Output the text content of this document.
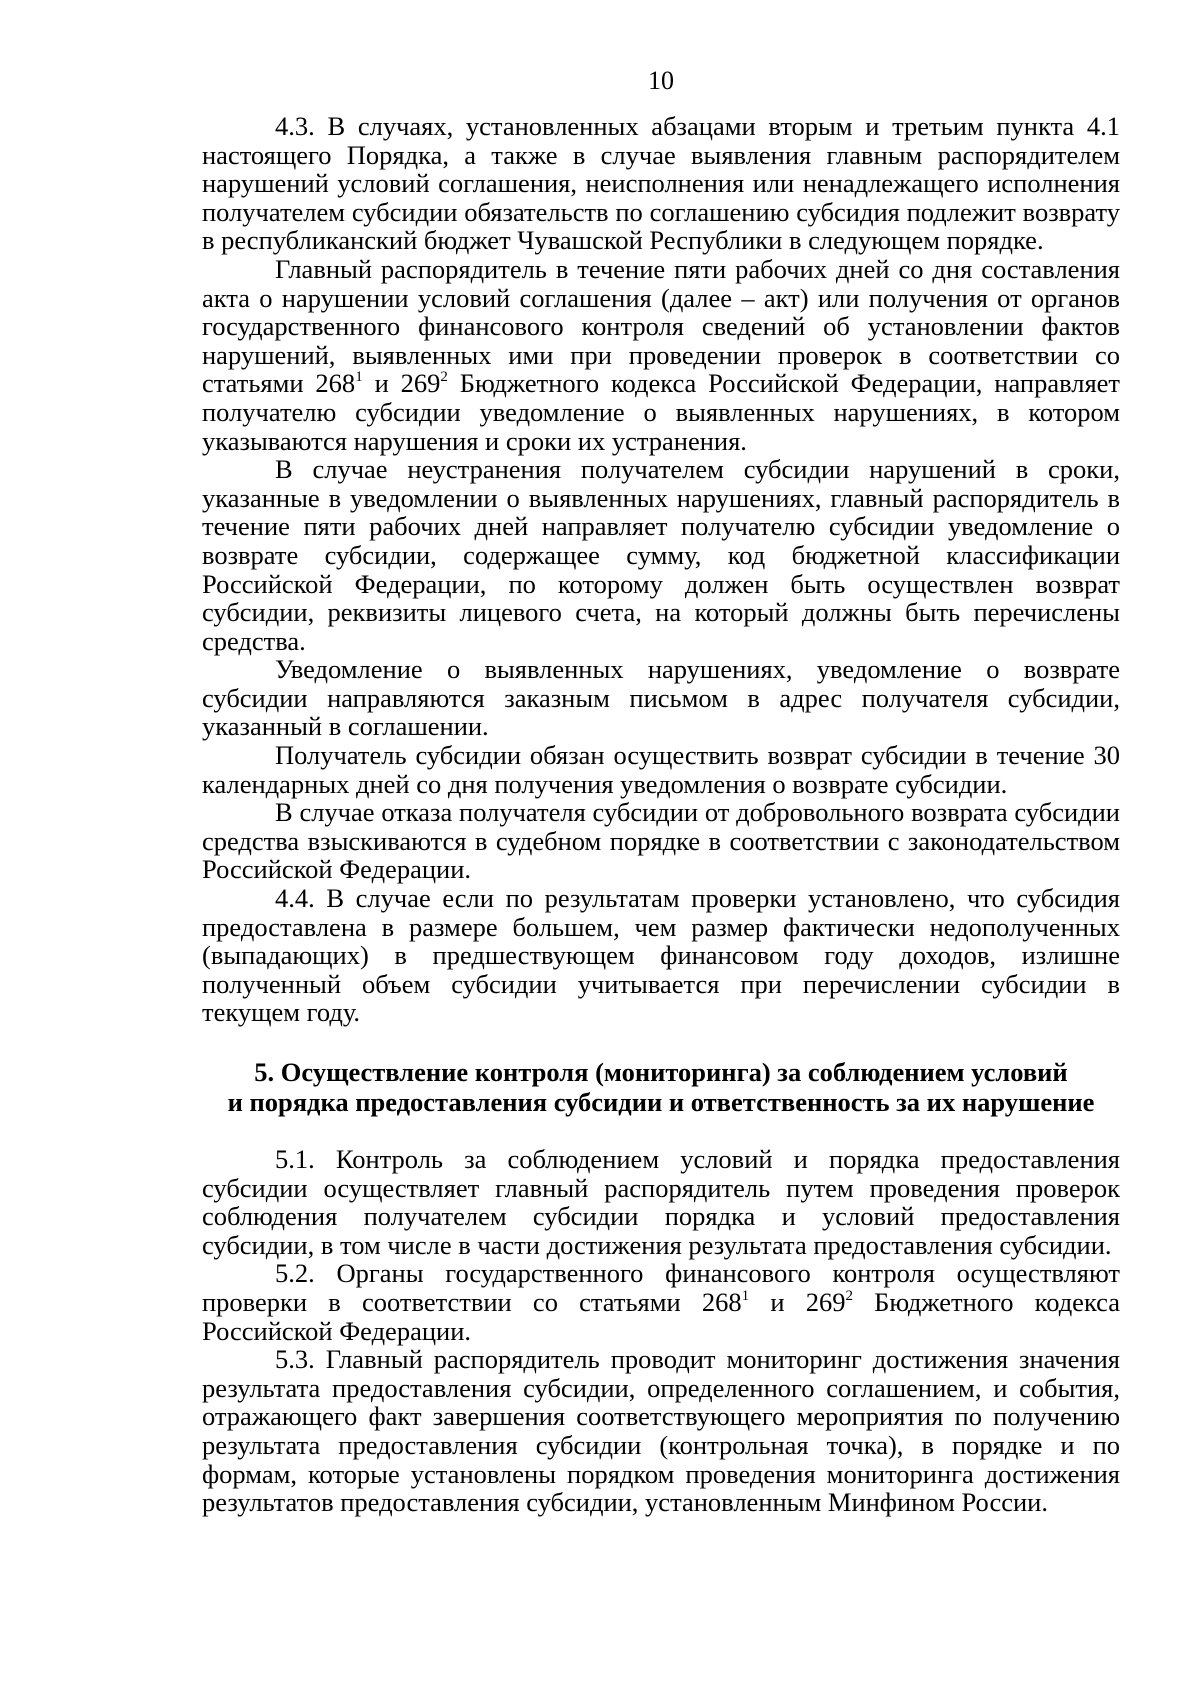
10

4.3. В случаях, установленных абзацами вторым и третьим пункта 4.1 настоящего Порядка, а также в случае выявления главным распорядителем нарушений условий соглашения, неисполнения или ненадлежащего исполнения получателем субсидии обязательств по соглашению субсидия подлежит возврату в республиканский бюджет Чувашской Республики в следующем порядке.

Главный распорядитель в течение пяти рабочих дней со дня составления акта о нарушении условий соглашения (далее – акт) или получения от органов государственного финансового контроля сведений об установлении фактов нарушений, выявленных ими при проведении проверок в соответствии со статьями $268^1$ и $269^2$ Бюджетного кодекса Российской Федерации, направляет получателю субсидии уведомление о выявленных нарушениях, в котором указываются нарушения и сроки их устранения.

В случае неустранения получателем субсидии нарушений в сроки, указанные в уведомлении о выявленных нарушениях, главный распорядитель в течение пяти рабочих дней направляет получателю субсидии уведомление о возврате субсидии, содержащее сумму, код бюджетной классификации Российской Федерации, по которому должен быть осуществлен возврат субсидии, реквизиты лицевого счета, на который должны быть перечислены средства.

Уведомление о выявленных нарушениях, уведомление о возврате субсидии направляются заказным письмом в адрес получателя субсидии, указанный в соглашении.

Получатель субсидии обязан осуществить возврат субсидии в течение 30 календарных дней со дня получения уведомления о возврате субсидии.

В случае отказа получателя субсидии от добровольного возврата субсидии средства взыскиваются в судебном порядке в соответствии с законодательством Российской Федерации.

4.4. В случае если по результатам проверки установлено, что субсидия предоставлена в размере большем, чем размер фактически недополученных (выпадающих) в предшествующем финансовом году доходов, излишне полученный объем субсидии учитывается при перечислении субсидии в текущем году.

5. Осуществление контроля (мониторинга) за соблюдением условий
и порядка предоставления субсидии и ответственность за их нарушение

5.1. Контроль за соблюдением условий и порядка предоставления субсидии осуществляет главный распорядитель путем проведения проверок соблюдения получателем субсидии порядка и условий предоставления субсидии, в том числе в части достижения результата предоставления субсидии.

5.2. Органы государственного финансового контроля осуществляют проверки в соответствии со статьями $268^1$ и $269^2$ Бюджетного кодекса Российской Федерации.

5.3. Главный распорядитель проводит мониторинг достижения значения результата предоставления субсидии, определенного соглашением, и события, отражающего факт завершения соответствующего мероприятия по получению результата предоставления субсидии (контрольная точка), в порядке и по формам, которые установлены порядком проведения мониторинга достижения результатов предоставления субсидии, установленным Минфином России.
